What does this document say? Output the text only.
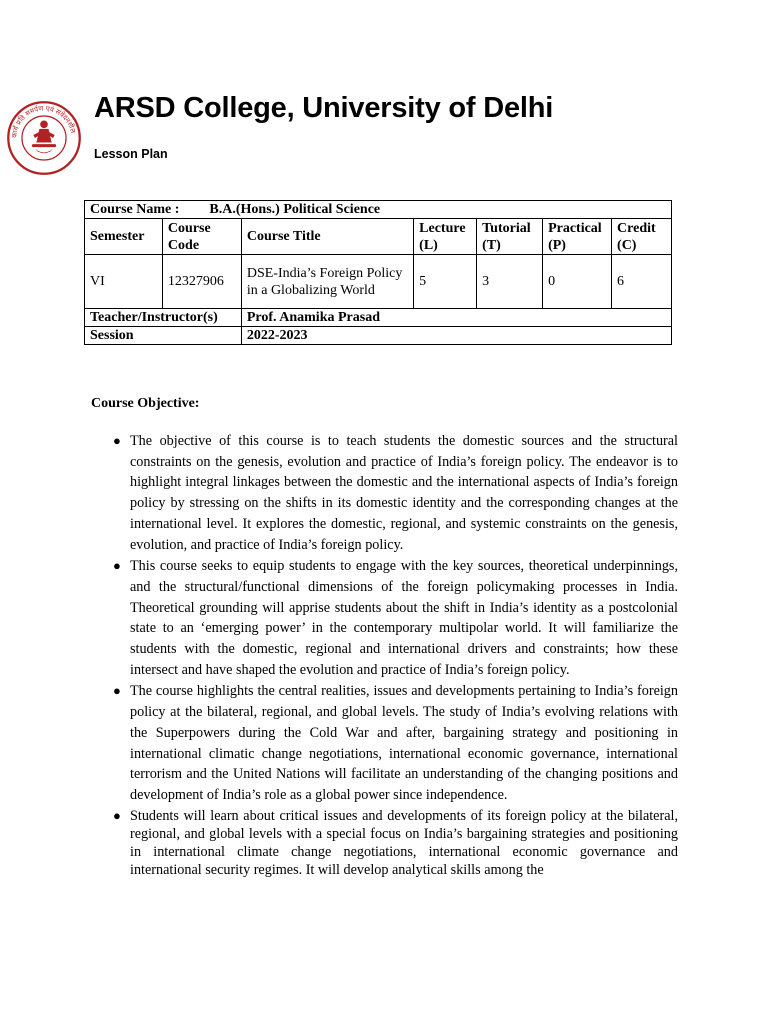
कार्यं प्रति समर्पण एवं संवेदनशील
ARSD College, University of Delhi
Lesson Plan
Course Name : B.A.(Hons.) Political Science						
Semester	Course Code	Course Title	Lecture (L)	Tutorial (T)	Practical (P)	Credit (C)
VI	12327906	DSE-India’s Foreign Policy in a Globalizing World	5	3	0	6
Teacher/Instructor(s)		Prof. Anamika Prasad				
Session		2022-2023				
Course Objective:
● The objective of this course is to teach students the domestic sources and the structural constraints on the genesis, evolution and practice of India’s foreign policy. The endeavor is to highlight integral linkages between the domestic and the international aspects of India’s foreign policy by stressing on the shifts in its domestic identity and the corresponding changes at the international level. It explores the domestic, regional, and systemic constraints on the genesis, evolution, and practice of India’s foreign policy.
● This course seeks to equip students to engage with the key sources, theoretical underpinnings, and the structural/functional dimensions of the foreign policymaking processes in India. Theoretical grounding will apprise students about the shift in India’s identity as a postcolonial state to an ‘emerging power’ in the contemporary multipolar world. It will familiarize the students with the domestic, regional and international drivers and constraints; how these intersect and have shaped the evolution and practice of India’s foreign policy.
● The course highlights the central realities, issues and developments pertaining to India’s foreign policy at the bilateral, regional, and global levels. The study of India’s evolving relations with the Superpowers during the Cold War and after, bargaining strategy and positioning in international climatic change negotiations, international economic governance, international terrorism and the United Nations will facilitate an understanding of the changing positions and development of India’s role as a global power since independence.
● Students will learn about critical issues and developments of its foreign policy at the bilateral, regional, and global levels with a special focus on India’s bargaining strategies and positioning in international climate change negotiations, international economic governance and international security regimes. It will develop analytical skills among the
